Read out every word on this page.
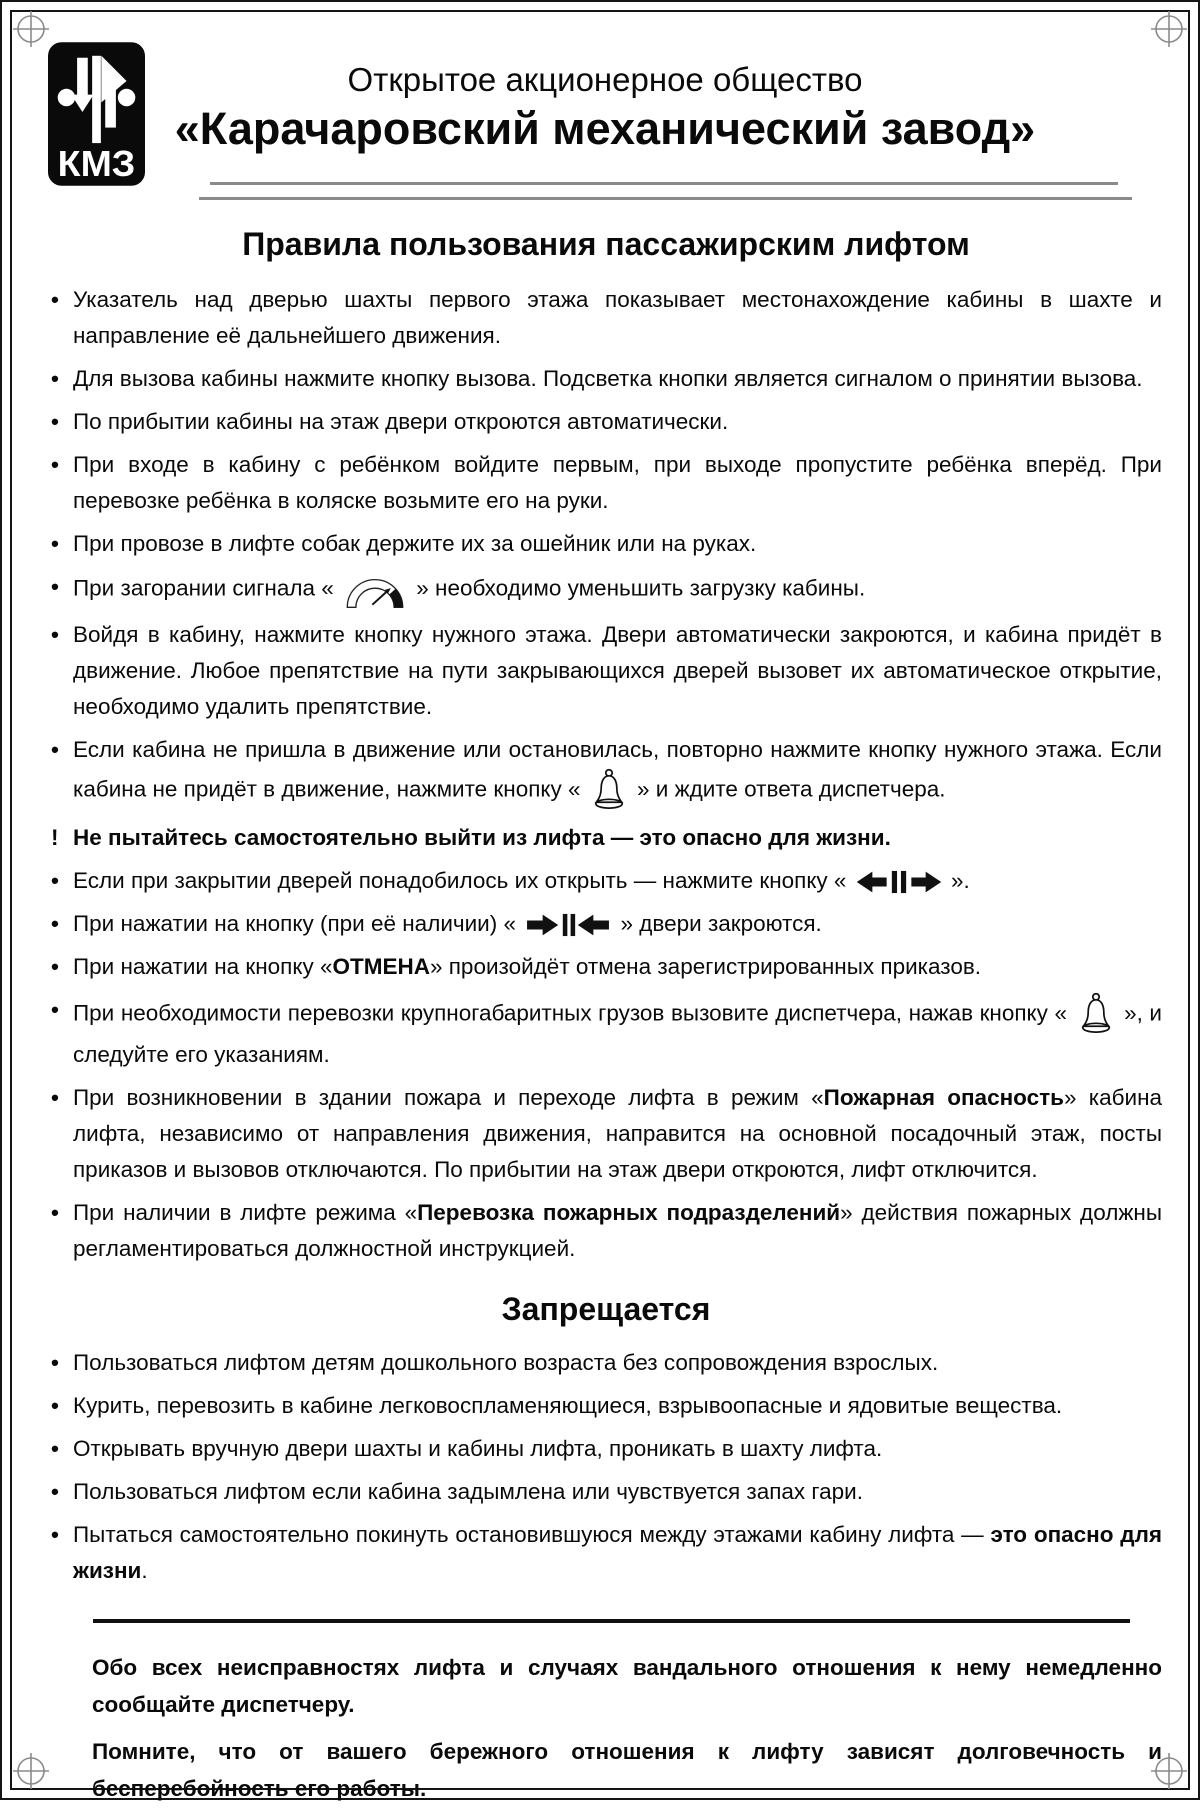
КМЗ
Открытое акционерное общество
«Карачаровский механический завод»
Правила пользования пассажирским лифтом
• Указатель над дверью шахты первого этажа показывает местонахождение кабины в шахте и направление её дальнейшего движения.
• Для вызова кабины нажмите кнопку вызова. Подсветка кнопки является сигналом о принятии вызова.
• По прибытии кабины на этаж двери откроются автоматически.
• При входе в кабину с ребёнком войдите первым, при выходе пропустите ребёнка вперёд. При перевозке ребёнка в коляске возьмите его на руки.
• При провозе в лифте собак держите их за ошейник или на руках.
• При загорании сигнала «	» необходимо уменьшить загрузку кабины.
• Войдя в кабину, нажмите кнопку нужного этажа. Двери автоматически закроются, и кабина придёт в движение. Любое препятствие на пути закрывающихся дверей вызовет их автоматическое открытие, необходимо удалить препятствие.
• Если кабина не пришла в движение или остановилась, повторно нажмите кнопку нужного этажа. Если кабина не придёт в движение, нажмите кнопку «  » и ждите ответа диспетчера.
! Не пытайтесь самостоятельно выйти из лифта — это опасно для жизни.
• Если при закрытии дверей понадобилось их открыть — нажмите кнопку «	».
• При нажатии на кнопку (при её наличии) «	» двери закроются.
• При нажатии на кнопку «ОТМЕНА» произойдёт отмена зарегистрированных приказов.
• При необходимости перевозки крупногабаритных грузов вызовите диспетчера, нажав кнопку «  », и следуйте его указаниям.
• При возникновении в здании пожара и переходе лифта в режим «Пожарная опасность» кабина лифта, независимо от направления движения, направится на основной посадочный этаж, посты приказов и вызовов отключаются. По прибытии на этаж двери откроются, лифт отключится.
• При наличии в лифте режима «Перевозка пожарных подразделений» действия пожарных должны регламентироваться должностной инструкцией.
Запрещается
• Пользоваться лифтом детям дошкольного возраста без сопровождения взрослых.
• Курить, перевозить в кабине легковоспламеняющиеся, взрывоопасные и ядовитые вещества.
• Открывать вручную двери шахты и кабины лифта, проникать в шахту лифта.
• Пользоваться лифтом если кабина задымлена или чувствуется запах гари.
• Пытаться самостоятельно покинуть остановившуюся между этажами кабину лифта — это опасно для жизни.

Обо всех неисправностях лифта и случаях вандального отношения к нему немедленно сообщайте диспетчеру.

Помните, что от вашего бережного отношения к лифту зависят долговечность и бесперебойность его работы.
